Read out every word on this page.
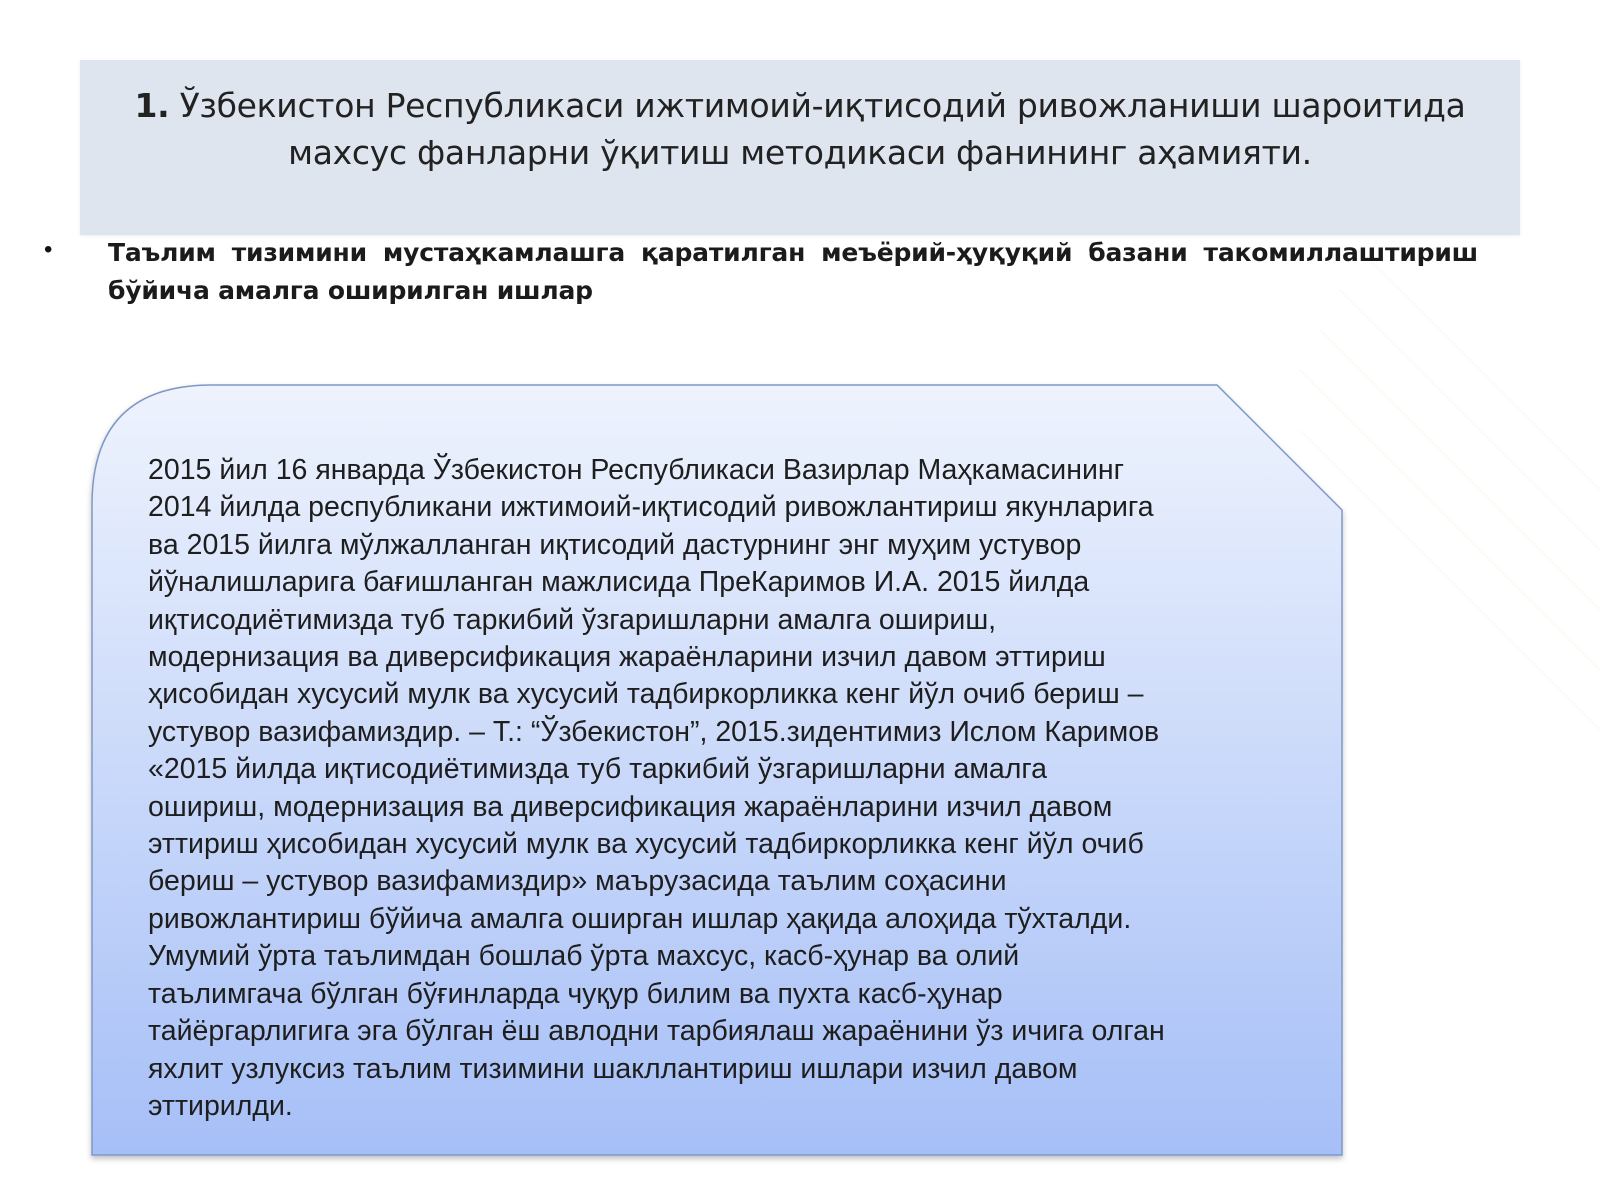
1. Ўзбекистон Республикаси ижтимоий-иқтисодий ривожланиши шароитида
махсус фанларни ўқитиш методикаси фанининг аҳамияти.
• Таълим тизимини мустаҳкамлашга қаратилган меъёрий-ҳуқуқий базани такомиллаштириш бўйича амалга оширилган ишлар
2015 йил 16 январда Ўзбекистон Республикаси Вазирлар Маҳкамасининг
2014 йилда республикани ижтимоий-иқтисодий ривожлантириш якунларига
ва 2015 йилга мўлжалланган иқтисодий дастурнинг энг муҳим устувор
йўналишларига бағишланган мажлисида ПреКаримов И.А. 2015 йилда
иқтисодиётимизда туб таркибий ўзгаришларни амалга ошириш,
модернизация ва диверсификация жараёнларини изчил давом эттириш
ҳисобидан хусусий мулк ва хусусий тадбиркорликка кенг йўл очиб бериш –
устувор вазифамиздир. – Т.: “Ўзбекистон”, 2015.зидентимиз Ислом Каримов
«2015 йилда иқтисодиётимизда туб таркибий ўзгаришларни амалга
ошириш, модернизация ва диверсификация жараёнларини изчил давом
эттириш ҳисобидан хусусий мулк ва хусусий тадбиркорликка кенг йўл очиб
бериш – устувор вазифамиздир» маърузасида таълим соҳасини
ривожлантириш бўйича амалга оширган ишлар ҳақида алоҳида тўхталди.
Умумий ўрта таълимдан бошлаб ўрта махсус, касб-ҳунар ва олий
таълимгача бўлган бўғинларда чуқур билим ва пухта касб-ҳунар
тайёргарлигига эга бўлган ёш авлодни тарбиялаш жараёнини ўз ичига олган
яхлит узлуксиз таълим тизимини шакллантириш ишлари изчил давом
эттирилди.
